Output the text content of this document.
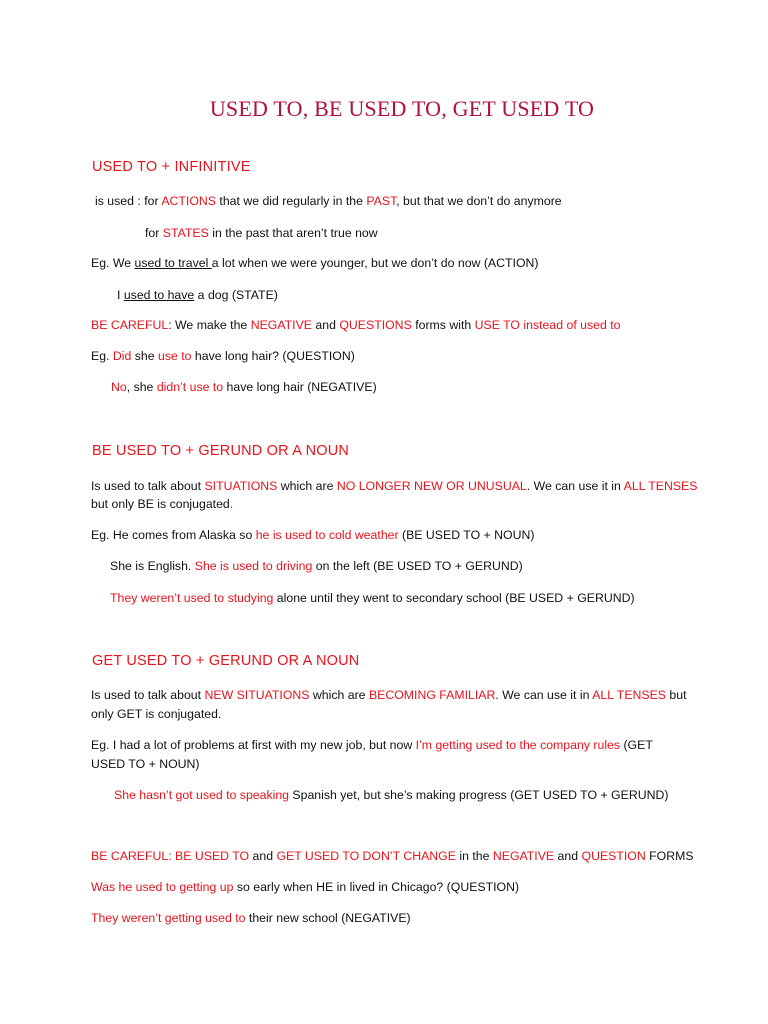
USED TO, BE USED TO, GET USED TO
USED TO + INFINITIVE
is used : for ACTIONS that we did regularly in the PAST, but that we don’t do anymore
for STATES in the past that aren’t true now
Eg. We used to travel a lot when we were younger, but we don’t do now (ACTION)
I used to have a dog (STATE)
BE CAREFUL: We make the NEGATIVE and QUESTIONS forms with USE TO instead of used to
Eg. Did she use to have long hair? (QUESTION)
No, she didn’t use to have long hair (NEGATIVE)
BE USED TO + GERUND OR A NOUN
Is used to talk about SITUATIONS which are NO LONGER NEW OR UNUSUAL. We can use it in ALL TENSES
but only BE is conjugated.
Eg. He comes from Alaska so he is used to cold weather (BE USED TO + NOUN)
She is English. She is used to driving on the left (BE USED TO + GERUND)
They weren’t used to studying alone until they went to secondary school (BE USED + GERUND)
GET USED TO + GERUND OR A NOUN
Is used to talk about NEW SITUATIONS which are BECOMING FAMILIAR. We can use it in ALL TENSES but
only GET is conjugated.
Eg. I had a lot of problems at first with my new job, but now I’m getting used to the company rules (GET
USED TO + NOUN)
She hasn’t got used to speaking Spanish yet, but she’s making progress (GET USED TO + GERUND)
BE CAREFUL: BE USED TO and GET USED TO DON’T CHANGE in the NEGATIVE and QUESTION FORMS
Was he used to getting up so early when HE in lived in Chicago? (QUESTION)
They weren’t getting used to their new school (NEGATIVE)
